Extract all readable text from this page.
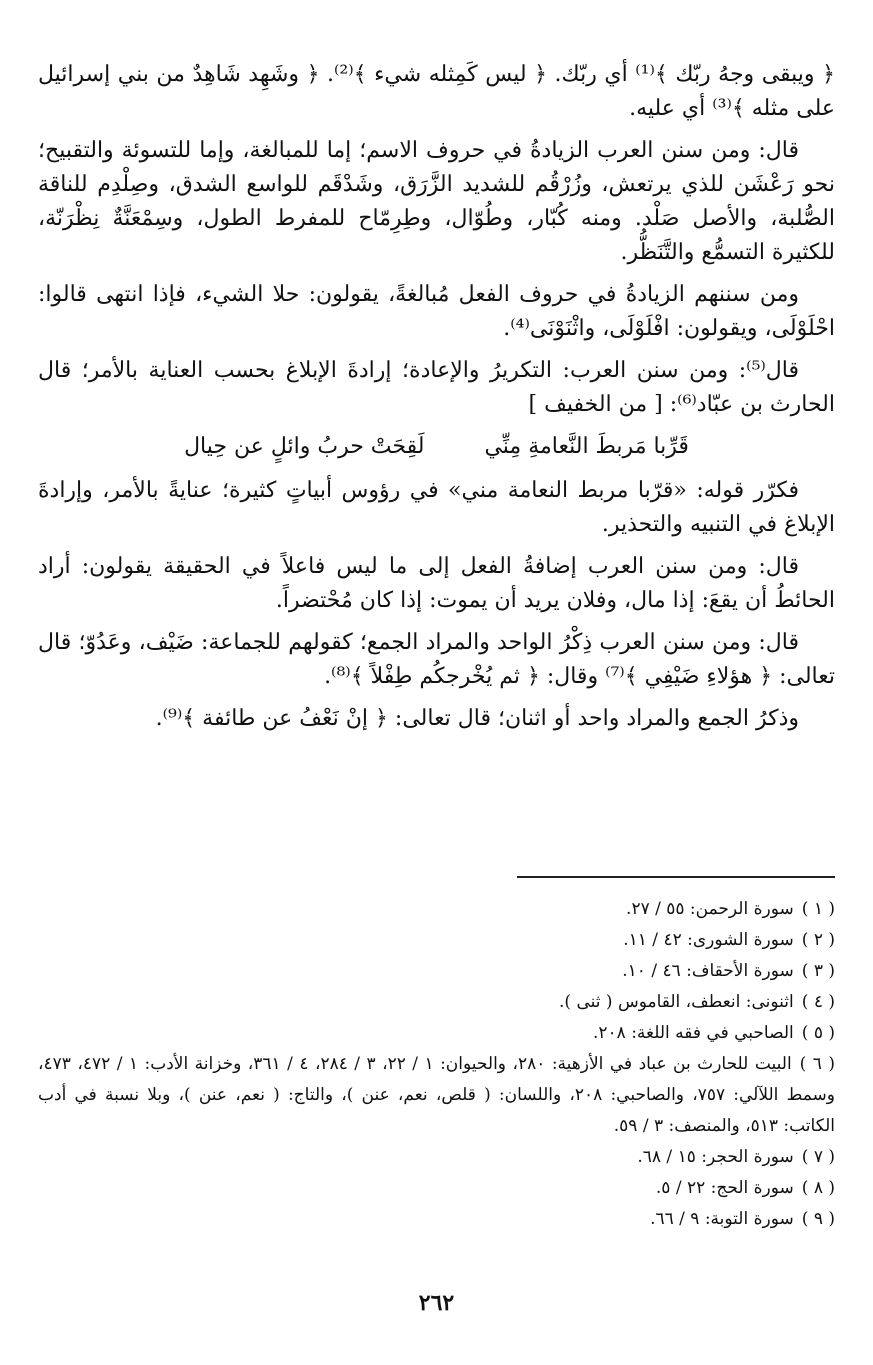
﴿ ويبقى وجهُ ربّك ﴾⁽¹⁾ أي ربّك. ﴿ ليس كَمِثله شيء ﴾⁽²⁾. ﴿ وشَهِد شَاهِدٌ من بني إسرائيل على مثله ﴾⁽³⁾ أي عليه.

قال: ومن سنن العرب الزيادةُ في حروف الاسم؛ إما للمبالغة، وإما للتسوئة والتقبيح؛ نحو رَعْشَن للذي يرتعش، وزُرْقُم للشديد الزَّرَق، وشَدْقَم للواسع الشدق، وصِلْدِم للناقة الصُّلبة، والأصل صَلْد. ومنه كُبّار، وطُوّال، وطِرِمّاح للمفرط الطول، وسِمْعَنَّةٌ نِظْرَنّة، للكثيرة التسمُّع والتَّنَظُّر.

ومن سننهم الزيادةُ في حروف الفعل مُبالغةً، يقولون: حلا الشيء، فإذا انتهى قالوا: احْلَوْلَى، ويقولون: افْلَوْلَى، واثْنَوْنَى⁽⁴⁾.

قال⁽⁵⁾: ومن سنن العرب: التكريرُ والإعادة؛ إرادةَ الإبلاغ بحسب العناية بالأمر؛ قال الحارث بن عبّاد⁽⁶⁾: [ من الخفيف ]

قَرِّبا مَربطَ النَّعامةِ مِنِّي
لَقِحَتْ حربُ وائلٍ عن حِيال

فكرّر قوله: «قرّبا مربط النعامة مني» في رؤوس أبياتٍ كثيرة؛ عنايةً بالأمر، وإرادةَ الإبلاغ في التنبيه والتحذير.

قال: ومن سنن العرب إضافةُ الفعل إلى ما ليس فاعلاً في الحقيقة يقولون: أراد الحائطُ أن يقعَ: إذا مال، وفلان يريد أن يموت: إذا كان مُحْتضراً.

قال: ومن سنن العرب ذِكْرُ الواحد والمراد الجمع؛ كقولهم للجماعة: ضَيْف، وعَدُوّ؛ قال تعالى: ﴿ هؤلاءِ ضَيْفِي ﴾⁽⁷⁾ وقال: ﴿ ثم يُخْرجكُم طِفْلاً ﴾⁽⁸⁾.

وذكرُ الجمع والمراد واحد أو اثنان؛ قال تعالى: ﴿ إنْ نَعْفُ عن طائفة ﴾⁽⁹⁾.

( ١ )سورة الرحمن: ٥٥ / ٢٧.

( ٢ )سورة الشورى: ٤٢ / ١١.

( ٣ )سورة الأحقاف: ٤٦ / ١٠.

( ٤ )اثنونى: انعطف، القاموس ( ثنى ).

( ٥ )الصاحبي في فقه اللغة: ٢٠٨.

( ٦ )البيت للحارث بن عباد في الأزهية: ٢٨٠، والحيوان: ١ / ٢٢، ٣ / ٢٨٤، ٤ / ٣٦١، وخزانة الأدب: ١ / ٤٧٢، ٤٧٣، وسمط اللآلي: ٧٥٧، والصاحبي: ٢٠٨، واللسان: ( قلص، نعم، عنن )، والتاج: ( نعم، عنن )، وبلا نسبة في أدب الكاتب: ٥١٣، والمنصف: ٣ / ٥٩.

( ٧ )سورة الحجر: ١٥ / ٦٨.

( ٨ )سورة الحج: ٢٢ / ٥.

( ٩ )سورة التوبة: ٩ / ٦٦.

٢٦٢
